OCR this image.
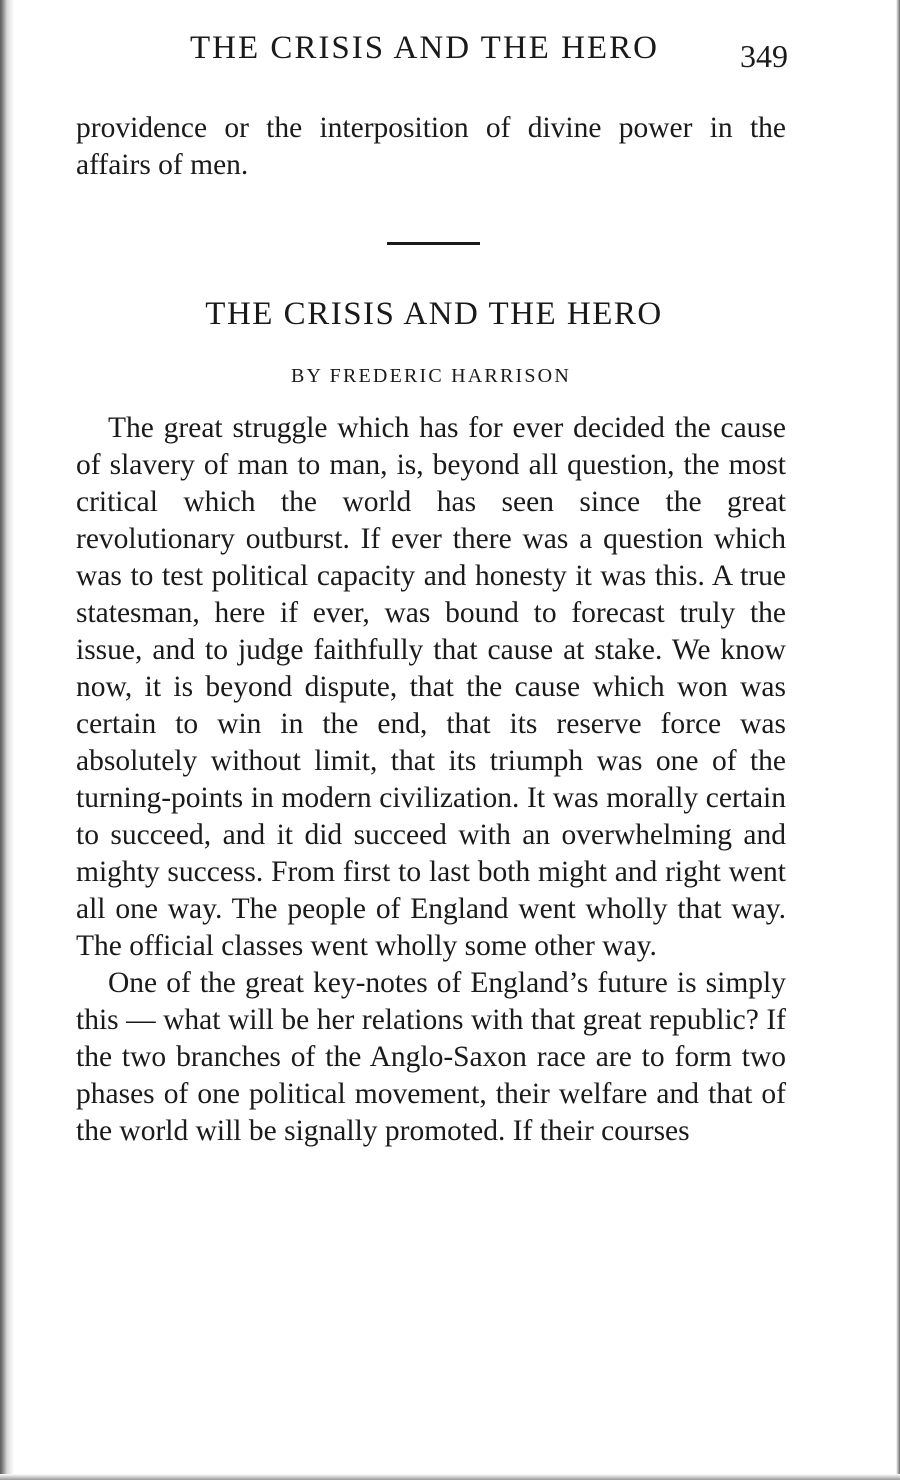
THE CRISIS AND THE HERO	349
providence or the interposition of divine power in the affairs of men.
THE CRISIS AND THE HERO
BY FREDERIC HARRISON

The great struggle which has for ever decided the cause of slavery of man to man, is, beyond all question, the most critical which the world has seen since the great revolutionary outburst. If ever there was a question which was to test political capacity and honesty it was this. A true statesman, here if ever, was bound to forecast truly the issue, and to judge faithfully that cause at stake. We know now, it is beyond dispute, that the cause which won was certain to win in the end, that its reserve force was absolutely without limit, that its triumph was one of the turning-points in modern civilization. It was morally certain to succeed, and it did succeed with an overwhelming and mighty success. From first to last both might and right went all one way. The people of England went wholly that way. The official classes went wholly some other way.

One of the great key-notes of England’s future is simply this — what will be her relations with that great republic? If the two branches of the Anglo-Saxon race are to form two phases of one political movement, their welfare and that of the world will be signally promoted. If their courses
